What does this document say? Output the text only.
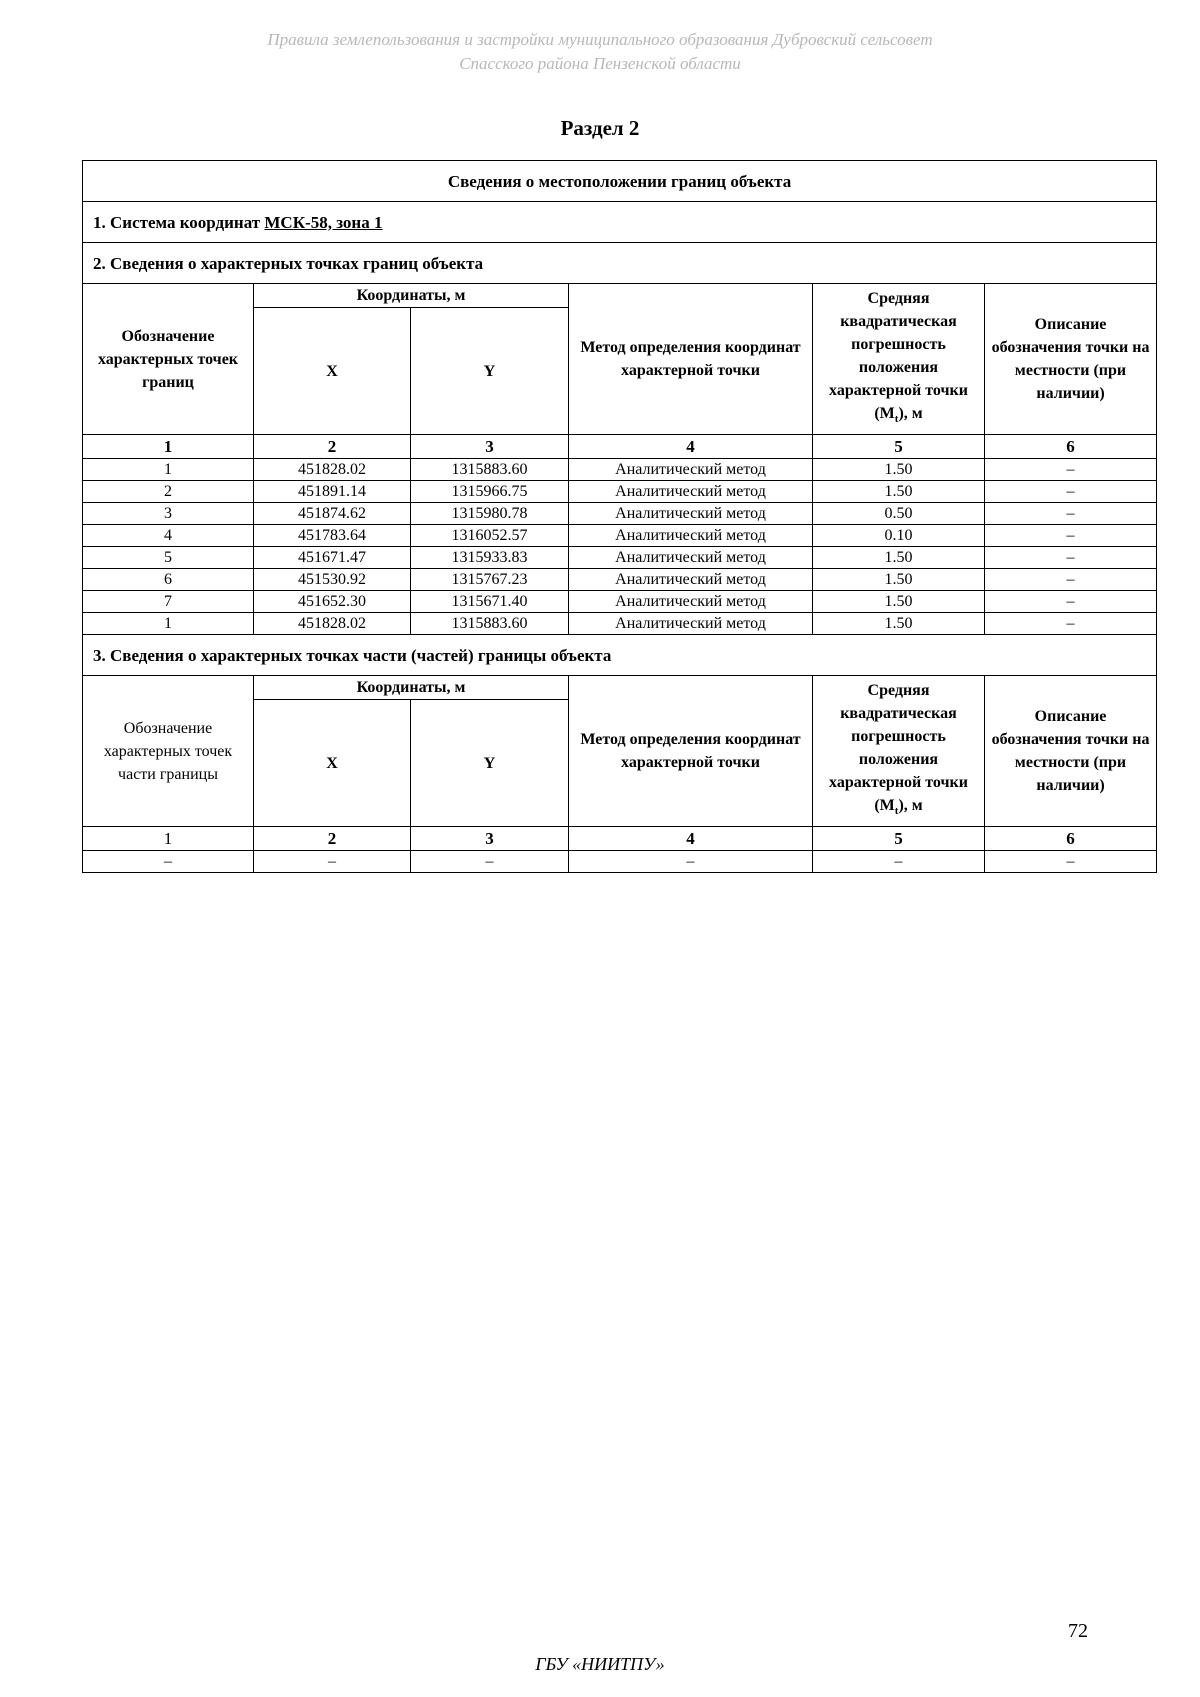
Правила землепользования и застройки муниципального образования Дубровский сельсовет
Спасского района Пензенской области
Раздел 2
Сведения о местоположении границ объекта					
1. Система координат МСК-58, зона 1					
2. Сведения о характерных точках границ объекта					
Обозначение характерных точек границ	Координаты, м		Метод определения координат характерной точки	Средняя квадратическая погрешность положения характерной точки $(M_t)$, м	Описание обозначения точки на местности (при наличии)
	X	Y			
1	2	3	4	5	6
1	451828.02	1315883.60	Аналитический метод	1.50	–
2	451891.14	1315966.75	Аналитический метод	1.50	–
3	451874.62	1315980.78	Аналитический метод	0.50	–
4	451783.64	1316052.57	Аналитический метод	0.10	–
5	451671.47	1315933.83	Аналитический метод	1.50	–
6	451530.92	1315767.23	Аналитический метод	1.50	–
7	451652.30	1315671.40	Аналитический метод	1.50	–
1	451828.02	1315883.60	Аналитический метод	1.50	–
3. Сведения о характерных точках части (частей) границы объекта					
Обозначение характерных точек части границы	Координаты, м		Метод определения координат характерной точки	Средняя квадратическая погрешность положения характерной точки $(M_t)$, м	Описание обозначения точки на местности (при наличии)
	X	Y			
1	2	3	4	5	6
–	–	–	–	–	–
72
ГБУ «НИИТПУ»
